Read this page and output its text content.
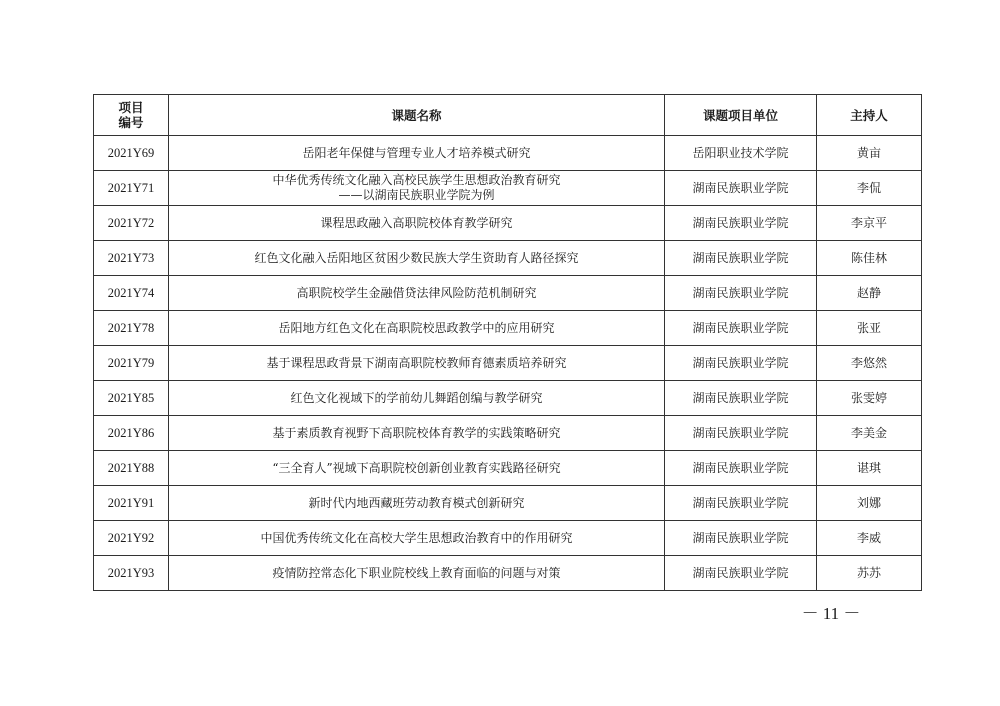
项目
编号	课题名称	课题项目单位	主持人
2021Y69	岳阳老年保健与管理专业人才培养模式研究	岳阳职业技术学院	黄亩
2021Y71	中华优秀传统文化融入高校民族学生思想政治教育研究
——以湖南民族职业学院为例	湖南民族职业学院	李侃
2021Y72	课程思政融入高职院校体育教学研究	湖南民族职业学院	李京平
2021Y73	红色文化融入岳阳地区贫困少数民族大学生资助育人路径探究	湖南民族职业学院	陈佳林
2021Y74	高职院校学生金融借贷法律风险防范机制研究	湖南民族职业学院	赵静
2021Y78	岳阳地方红色文化在高职院校思政教学中的应用研究	湖南民族职业学院	张亚
2021Y79	基于课程思政背景下湖南高职院校教师育德素质培养研究	湖南民族职业学院	李悠然
2021Y85	红色文化视域下的学前幼儿舞蹈创编与教学研究	湖南民族职业学院	张雯婷
2021Y86	基于素质教育视野下高职院校体育教学的实践策略研究	湖南民族职业学院	李美金
2021Y88	“三全育人”视域下高职院校创新创业教育实践路径研究	湖南民族职业学院	谌琪
2021Y91	新时代内地西藏班劳动教育模式创新研究	湖南民族职业学院	刘娜
2021Y92	中国优秀传统文化在高校大学生思想政治教育中的作用研究	湖南民族职业学院	李威
2021Y93	疫情防控常态化下职业院校线上教育面临的问题与对策	湖南民族职业学院	苏苏
－ 11 －
